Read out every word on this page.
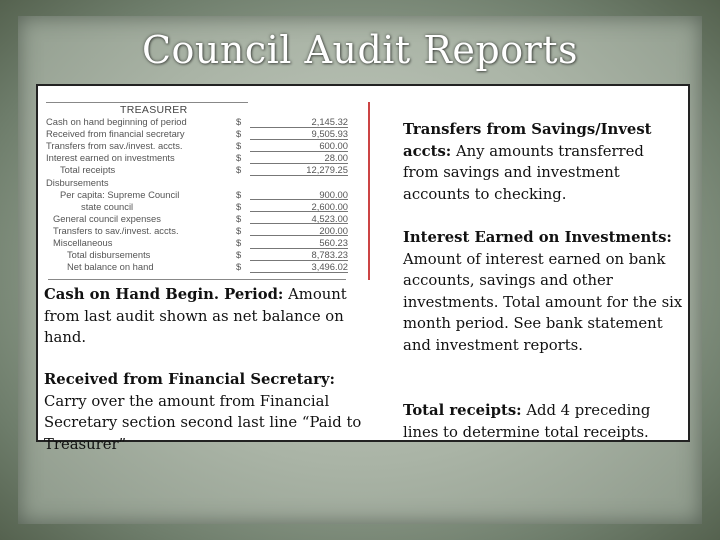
Council Audit Reports
TREASURER
Cash on hand beginning of period	$	2,145.32
Received from financial secretary	$	9,505.93
Transfers from sav./invest. accts.	$	600.00
Interest earned on investments	$	28.00
Total receipts	$	12,279.25
Disbursements
Per capita: Supreme Council	$	900.00
state council	$	2,600.00
General council expenses	$	4,523.00
Transfers to sav./invest. accts.	$	200.00
Miscellaneous	$	560.23
Total disbursements	$	8,783.23
Net balance on hand	$	3,496.02
Cash on Hand Begin. Period: Amount from last audit shown as net balance on hand.
Received from Financial Secretary: Carry over the amount from Financial Secretary section second last line “Paid to Treasurer”
Transfers from Savings/Invest accts: Any amounts transferred from savings and investment accounts to checking.
Interest Earned on Investments: Amount of interest earned on bank accounts, savings and other investments. Total amount for the six month period. See bank statement and investment reports.
Total receipts: Add 4 preceding lines to determine total receipts.
